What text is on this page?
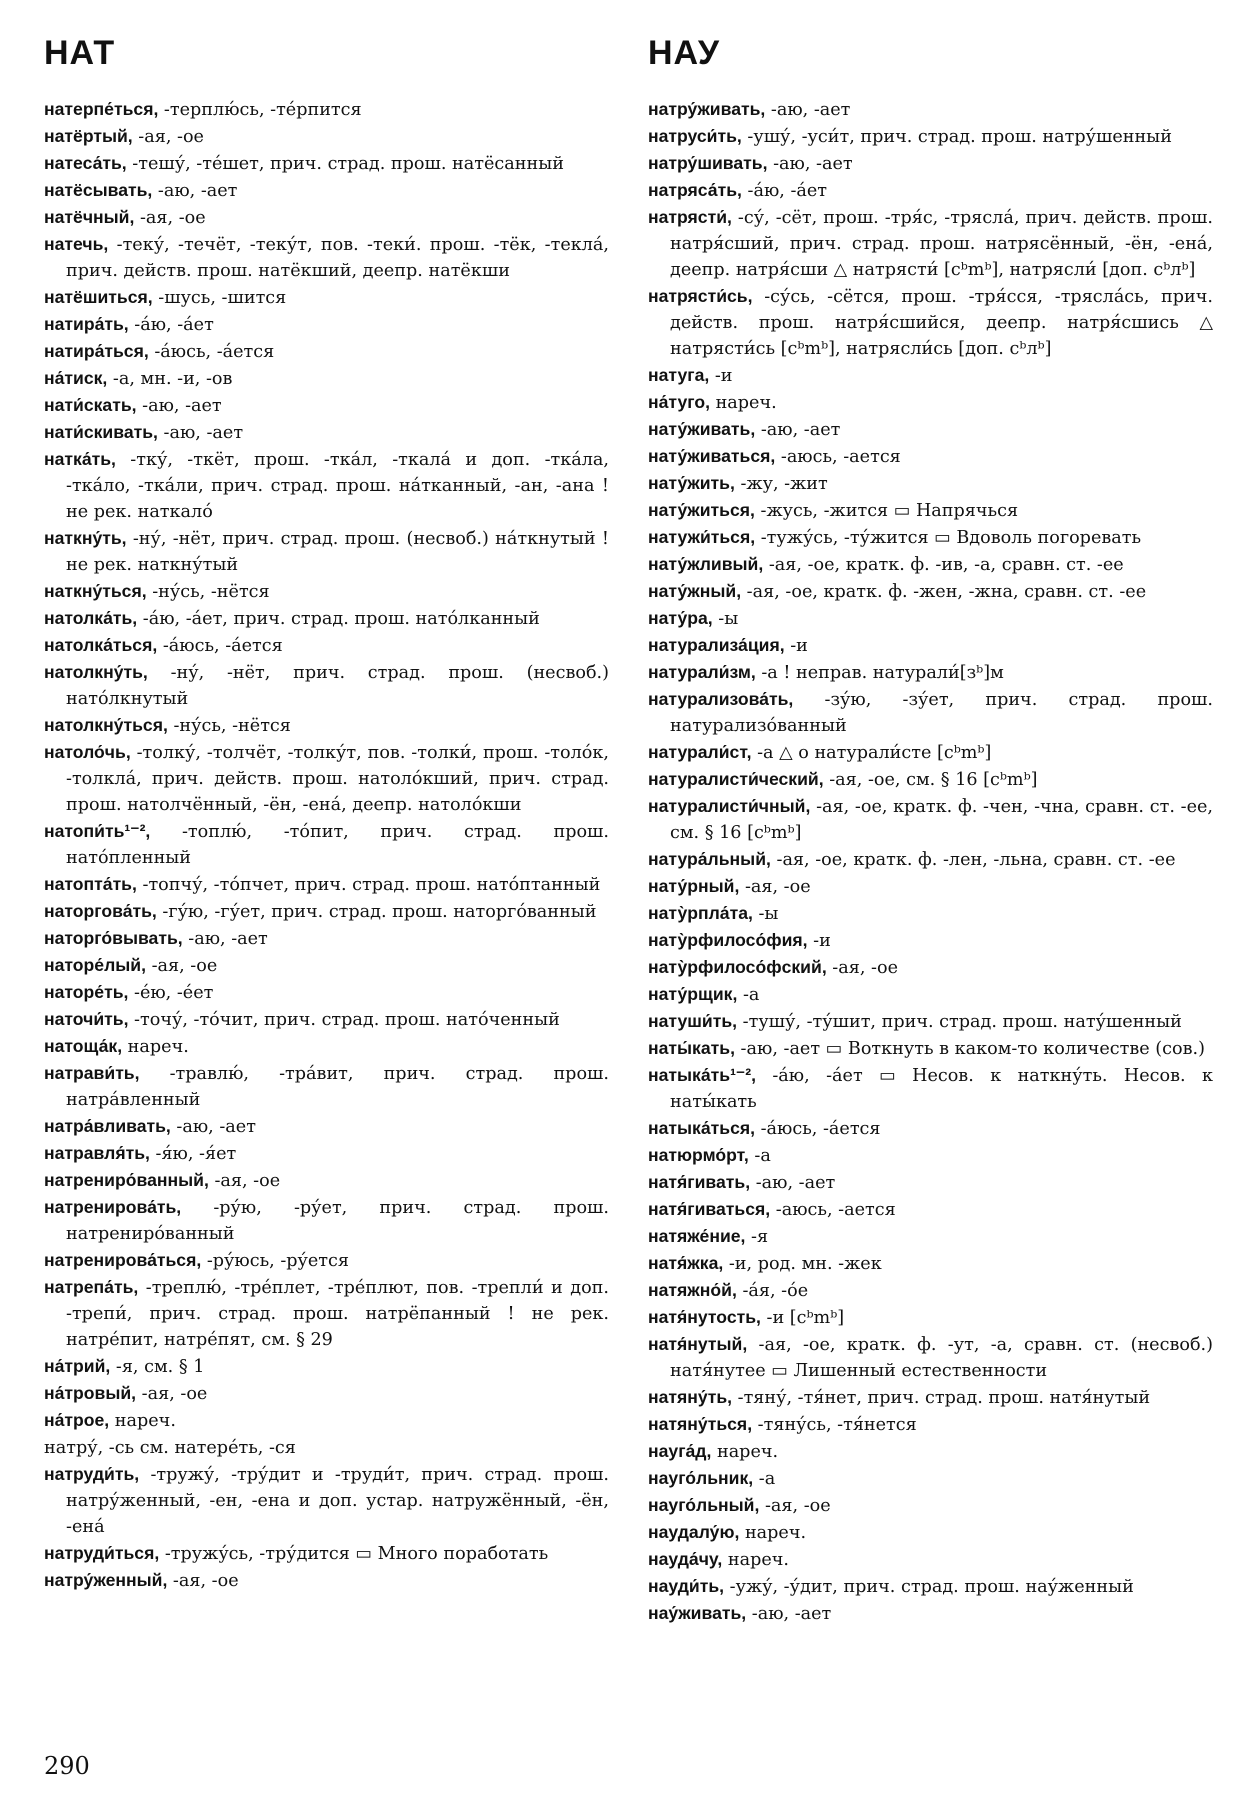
НАТ	НАУ
натерпе́ться, -терплю́сь, -те́рпится
натёртый, -ая, -ое
натеса́ть, -тешу́, -те́шет, прич. страд. прош. натёсанный
натёсывать, -аю, -ает
натёчный, -ая, -ое
натечь, -теку́, -течёт, -теку́т, пов. -теки́. прош. -тёк, -текла́, прич. действ. прош. натёкший, деепр. натёкши
натёшиться, -шусь, -шится
натира́ть, -а́ю, -а́ет
натира́ться, -а́юсь, -а́ется
на́тиск, -а, мн. -и, -ов
нати́скать, -аю, -ает
нати́скивать, -аю, -ает
натка́ть, -тку́, -ткёт, прош. -тка́л, -ткала́ и доп. -тка́ла, -тка́ло, -тка́ли, прич. страд. прош. на́тканный, -ан, -ана ! не рек. наткало́
наткну́ть, -ну́, -нёт, прич. страд. прош. (несвоб.) на́ткнутый ! не рек. наткну́тый
наткну́ться, -ну́сь, -нётся
натолка́ть, -а́ю, -а́ет, прич. страд. прош. нато́лканный
натолка́ться, -а́юсь, -а́ется
натолкну́ть, -ну́, -нёт, прич. страд. прош. (несвоб.) нато́лкнутый
натолкну́ться, -ну́сь, -нётся
натоло́чь, -толку́, -толчёт, -толку́т, пов. -толки́, прош. -толо́к, -толкла́, прич. действ. прош. натоло́кший, прич. страд. прош. натолчённый, -ён, -ена́, деепр. натоло́кши
натопи́ть¹⁻², -топлю́, -то́пит, прич. страд. прош. нато́пленный
натопта́ть, -топчу́, -то́пчет, прич. страд. прош. нато́птанный
наторгова́ть, -гу́ю, -гу́ет, прич. страд. прош. наторго́ванный
наторго́вывать, -аю, -ает
наторе́лый, -ая, -ое
наторе́ть, -е́ю, -е́ет
наточи́ть, -точу́, -то́чит, прич. страд. прош. нато́ченный
натоща́к, нареч.
натрави́ть, -травлю́, -тра́вит, прич. страд. прош. натра́вленный
натра́вливать, -аю, -ает
натравля́ть, -я́ю, -я́ет
натрениро́ванный, -ая, -ое
натренирова́ть, -ру́ю, -ру́ет, прич. страд. прош. натрениро́ванный
натренирова́ться, -ру́юсь, -ру́ется
натрепа́ть, -треплю́, -тре́плет, -тре́плют, пов. -трепли́ и доп. -трепи́, прич. страд. прош. натрёпанный ! не рек. натре́пит, натре́пят, см. § 29
на́трий, -я, см. § 1
на́тровый, -ая, -ое
на́трое, нареч.
натру́, -сь см. натере́ть, -ся
натруди́ть, -тружу́, -тру́дит и -труди́т, прич. страд. прош. натру́женный, -ен, -ена и доп. устар. натружённый, -ён, -ена́
натруди́ться, -тружу́сь, -тру́дится ▭ Много поработать
натру́женный, -ая, -ое
натру́живать, -аю, -ает
натруси́ть, -ушу́, -уси́т, прич. страд. прош. натру́шенный
натру́шивать, -аю, -ает
натряса́ть, -а́ю, -а́ет
натрясти́, -су́, -сёт, прош. -тря́с, -трясла́, прич. действ. прош. натря́сший, прич. страд. прош. натрясённый, -ён, -ена́, деепр. натря́сши △ натрясти́ [cᵇmᵇ], натрясли́ [доп. cᵇлᵇ]
натрясти́сь, -су́сь, -сётся, прош. -тря́сся, -трясла́сь, прич. действ. прош. натря́сшийся, деепр. натря́сшись △ натрясти́сь [cᵇmᵇ], натрясли́сь [доп. cᵇлᵇ]
натуга, -и
на́туго, нареч.
нату́живать, -аю, -ает
нату́живаться, -аюсь, -ается
нату́жить, -жу, -жит
нату́житься, -жусь, -жится ▭ Напрячься
натужи́ться, -тужу́сь, -ту́жится ▭ Вдоволь погоревать
нату́жливый, -ая, -ое, кратк. ф. -ив, -а, сравн. ст. -ее
нату́жный, -ая, -ое, кратк. ф. -жен, -жна, сравн. ст. -ее
нату́ра, -ы
натурализа́ция, -и
натурали́зм, -а ! неправ. натурали́[зᵇ]м
натурализова́ть, -зу́ю, -зу́ет, прич. страд. прош. натурализо́ванный
натурали́ст, -а △ о натурали́сте [cᵇmᵇ]
натуралисти́ческий, -ая, -ое, см. § 16 [cᵇmᵇ]
натуралисти́чный, -ая, -ое, кратк. ф. -чен, -чна, сравн. ст. -ее, см. § 16 [cᵇmᵇ]
натура́льный, -ая, -ое, кратк. ф. -лен, -льна, сравн. ст. -ее
нату́рный, -ая, -ое
нату̀рпла́та, -ы
нату̀рфилосо́фия, -и
нату̀рфилосо́фский, -ая, -ое
нату́рщик, -а
натуши́ть, -тушу́, -ту́шит, прич. страд. прош. нату́шенный
наты́кать, -аю, -ает ▭ Воткнуть в каком-то количестве (сов.)
натыка́ть¹⁻², -а́ю, -а́ет ▭ Несов. к наткну́ть. Несов. к наты́кать
натыка́ться, -а́юсь, -а́ется
натюрмо́рт, -а
натя́гивать, -аю, -ает
натя́гиваться, -аюсь, -ается
натяже́ние, -я
натя́жка, -и, род. мн. -жек
натяжно́й, -а́я, -о́е
натя́нутость, -и [cᵇmᵇ]
натя́нутый, -ая, -ое, кратк. ф. -ут, -а, сравн. ст. (несвоб.) натя́нутее ▭ Лишенный естественности
натяну́ть, -тяну́, -тя́нет, прич. страд. прош. натя́нутый
натяну́ться, -тяну́сь, -тя́нется
науга́д, нареч.
науго́льник, -а
науго́льный, -ая, -ое
наудалу́ю, нареч.
науда́чу, нареч.
науди́ть, -ужу́, -у́дит, прич. страд. прош. нау́женный
нау́живать, -аю, -ает
290
